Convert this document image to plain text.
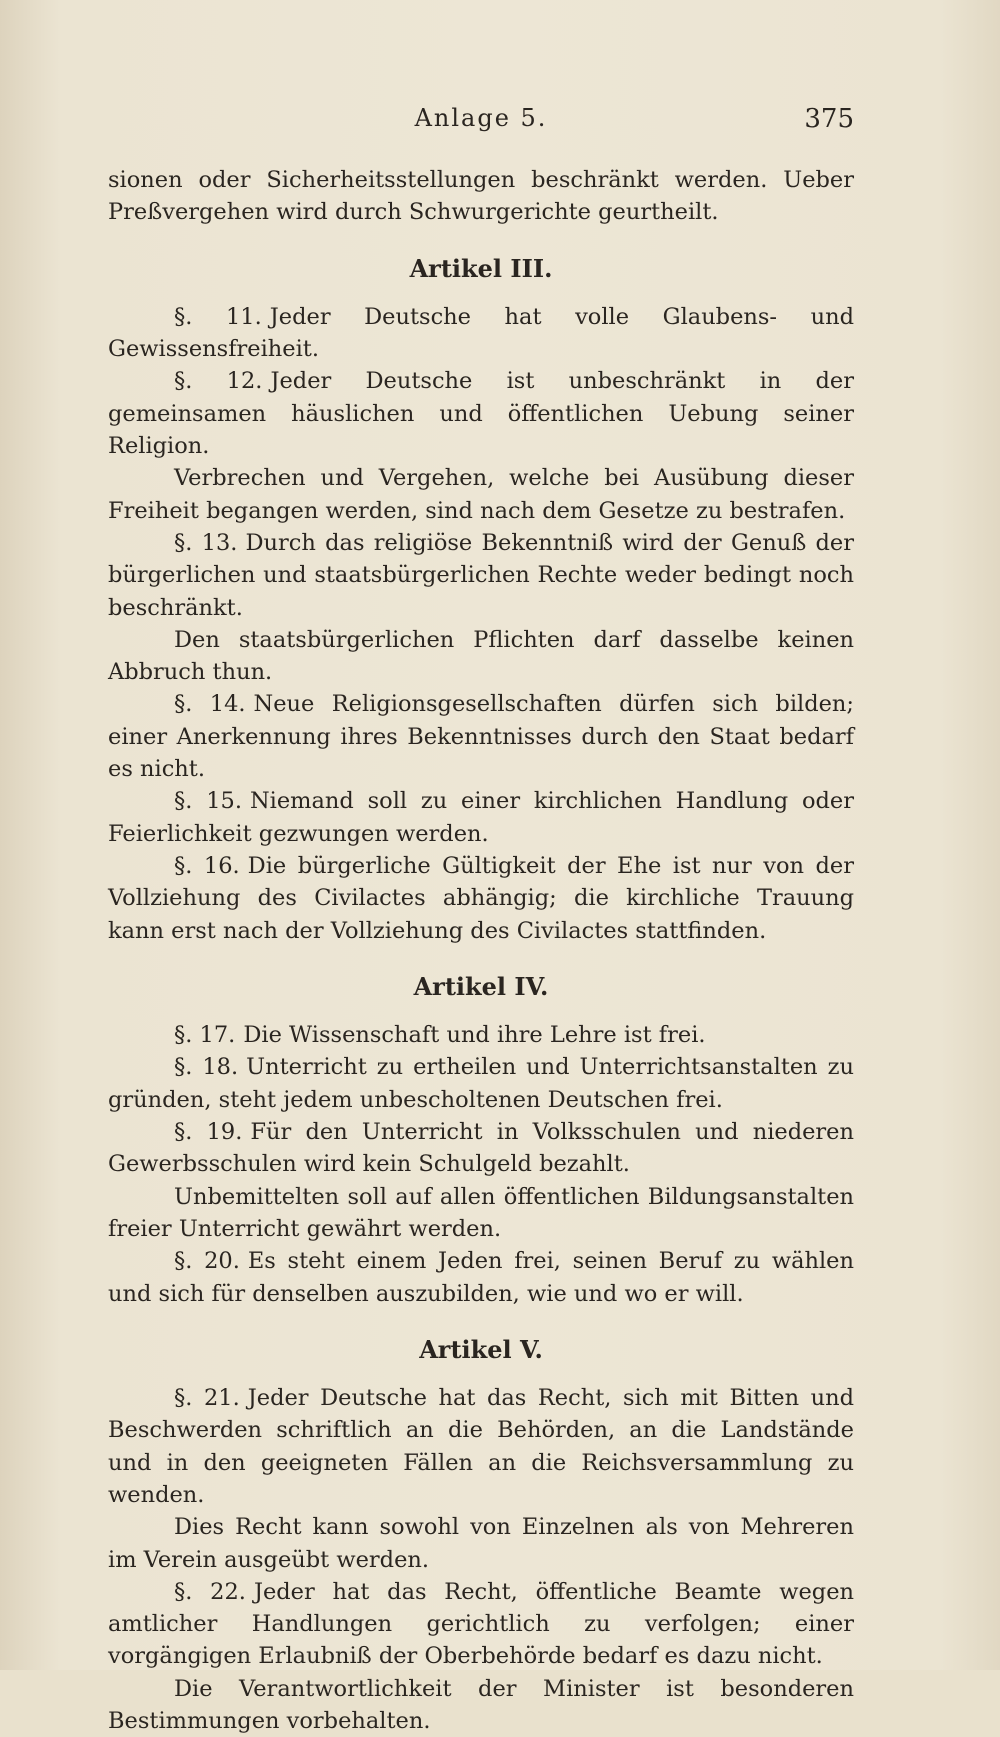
Anlage 5.	375

sionen oder Sicherheitsstellungen beschränkt werden. Ueber Preßvergehen wird durch Schwurgerichte geurtheilt.

Artikel III.

§. 11. Jeder Deutsche hat volle Glaubens- und Gewissensfreiheit.

§. 12. Jeder Deutsche ist unbeschränkt in der gemeinsamen häuslichen und öffentlichen Uebung seiner Religion.

Verbrechen und Vergehen, welche bei Ausübung dieser Freiheit begangen werden, sind nach dem Gesetze zu bestrafen.

§. 13. Durch das religiöse Bekenntniß wird der Genuß der bürgerlichen und staatsbürgerlichen Rechte weder bedingt noch beschränkt.

Den staatsbürgerlichen Pflichten darf dasselbe keinen Abbruch thun.

§. 14. Neue Religionsgesellschaften dürfen sich bilden; einer Anerkennung ihres Bekenntnisses durch den Staat bedarf es nicht.

§. 15. Niemand soll zu einer kirchlichen Handlung oder Feierlichkeit gezwungen werden.

§. 16. Die bürgerliche Gültigkeit der Ehe ist nur von der Vollziehung des Civilactes abhängig; die kirchliche Trauung kann erst nach der Vollziehung des Civilactes stattfinden.

Artikel IV.

§. 17. Die Wissenschaft und ihre Lehre ist frei.

§. 18. Unterricht zu ertheilen und Unterrichtsanstalten zu gründen, steht jedem unbescholtenen Deutschen frei.

§. 19. Für den Unterricht in Volksschulen und niederen Gewerbsschulen wird kein Schulgeld bezahlt.

Unbemittelten soll auf allen öffentlichen Bildungsanstalten freier Unterricht gewährt werden.

§. 20. Es steht einem Jeden frei, seinen Beruf zu wählen und sich für denselben auszubilden, wie und wo er will.

Artikel V.

§. 21. Jeder Deutsche hat das Recht, sich mit Bitten und Beschwerden schriftlich an die Behörden, an die Landstände und in den geeigneten Fällen an die Reichsversammlung zu wenden.

Dies Recht kann sowohl von Einzelnen als von Mehreren im Verein ausgeübt werden.

§. 22. Jeder hat das Recht, öffentliche Beamte wegen amtlicher Handlungen gerichtlich zu verfolgen; einer vorgängigen Erlaubniß der Oberbehörde bedarf es dazu nicht.

Die Verantwortlichkeit der Minister ist besonderen Bestimmungen vorbehalten.
